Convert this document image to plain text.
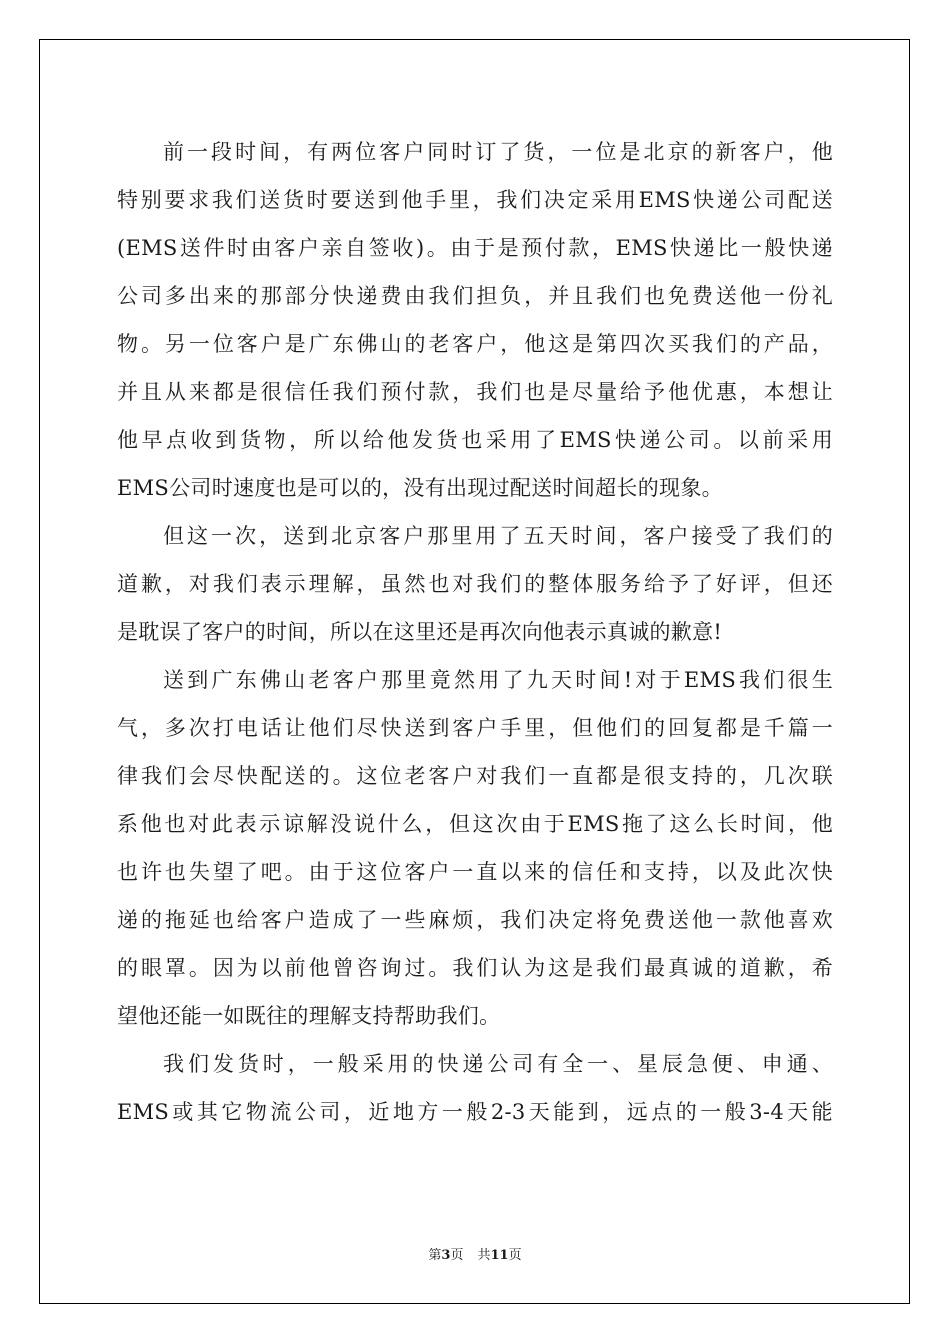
前一段时间，有两位客户同时订了货，一位是北京的新客户，他
特别要求我们送货时要送到他手里，我们决定采用EMS快递公司配送
(EMS送件时由客户亲自签收)。由于是预付款，EMS快递比一般快递
公司多出来的那部分快递费由我们担负，并且我们也免费送他一份礼
物。另一位客户是广东佛山的老客户，他这是第四次买我们的产品，
并且从来都是很信任我们预付款，我们也是尽量给予他优惠，本想让
他早点收到货物，所以给他发货也采用了EMS快递公司。以前采用
EMS公司时速度也是可以的，没有出现过配送时间超长的现象。
但这一次，送到北京客户那里用了五天时间，客户接受了我们的
道歉，对我们表示理解，虽然也对我们的整体服务给予了好评，但还
是耽误了客户的时间，所以在这里还是再次向他表示真诚的歉意!
送到广东佛山老客户那里竟然用了九天时间!对于EMS我们很生
气，多次打电话让他们尽快送到客户手里，但他们的回复都是千篇一
律我们会尽快配送的。这位老客户对我们一直都是很支持的，几次联
系他也对此表示谅解没说什么，但这次由于EMS拖了这么长时间，他
也许也失望了吧。由于这位客户一直以来的信任和支持，以及此次快
递的拖延也给客户造成了一些麻烦，我们决定将免费送他一款他喜欢
的眼罩。因为以前他曾咨询过。我们认为这是我们最真诚的道歉，希
望他还能一如既往的理解支持帮助我们。
我们发货时，一般采用的快递公司有全一、星辰急便、申通、
EMS或其它物流公司，近地方一般2-3天能到，远点的一般3-4天能
第3页 共11页
